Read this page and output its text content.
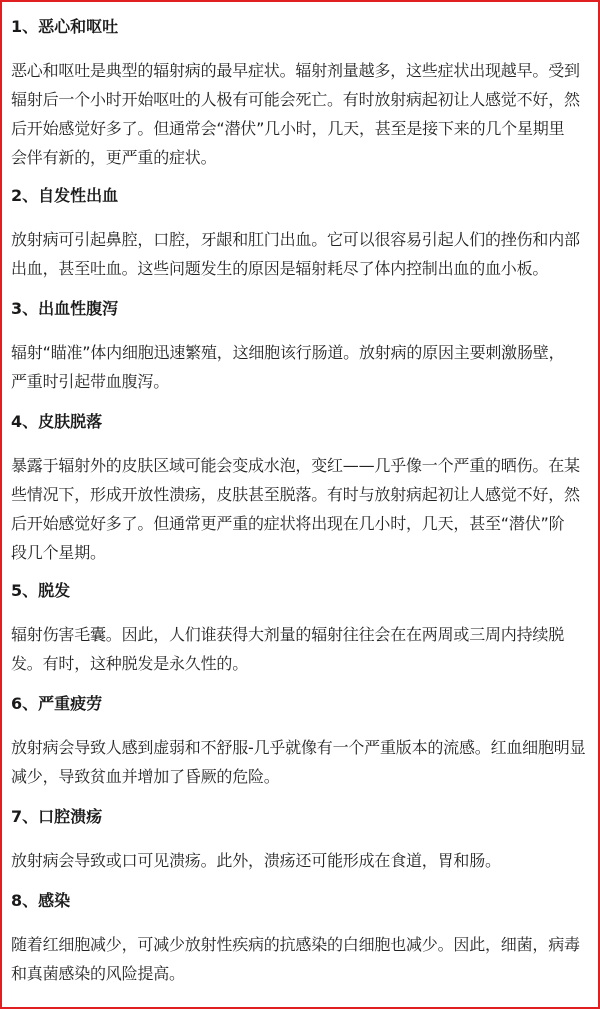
1、恶心和呕吐
恶心和呕吐是典型的辐射病的最早症状。辐射剂量越多，这些症状出现越早。受到
辐射后一个小时开始呕吐的人极有可能会死亡。有时放射病起初让人感觉不好，然
后开始感觉好多了。但通常会“潜伏”几小时，几天，甚至是接下来的几个星期里
会伴有新的，更严重的症状。
2、自发性出血
放射病可引起鼻腔，口腔，牙龈和肛门出血。它可以很容易引起人们的挫伤和内部
出血，甚至吐血。这些问题发生的原因是辐射耗尽了体内控制出血的血小板。
3、出血性腹泻
辐射“瞄准”体内细胞迅速繁殖，这细胞该行肠道。放射病的原因主要刺激肠壁，
严重时引起带血腹泻。
4、皮肤脱落
暴露于辐射外的皮肤区域可能会变成水泡，变红——几乎像一个严重的晒伤。在某
些情况下，形成开放性溃疡，皮肤甚至脱落。有时与放射病起初让人感觉不好，然
后开始感觉好多了。但通常更严重的症状将出现在几小时，几天，甚至“潜伏”阶
段几个星期。
5、脱发
辐射伤害毛囊。因此，人们谁获得大剂量的辐射往往会在在两周或三周内持续脱
发。有时，这种脱发是永久性的。
6、严重疲劳
放射病会导致人感到虚弱和不舒服-几乎就像有一个严重版本的流感。红血细胞明显
减少，导致贫血并增加了昏厥的危险。
7、口腔溃疡
放射病会导致或口可见溃疡。此外，溃疡还可能形成在食道，胃和肠。
8、感染
随着红细胞减少，可减少放射性疾病的抗感染的白细胞也减少。因此，细菌，病毒
和真菌感染的风险提高。
